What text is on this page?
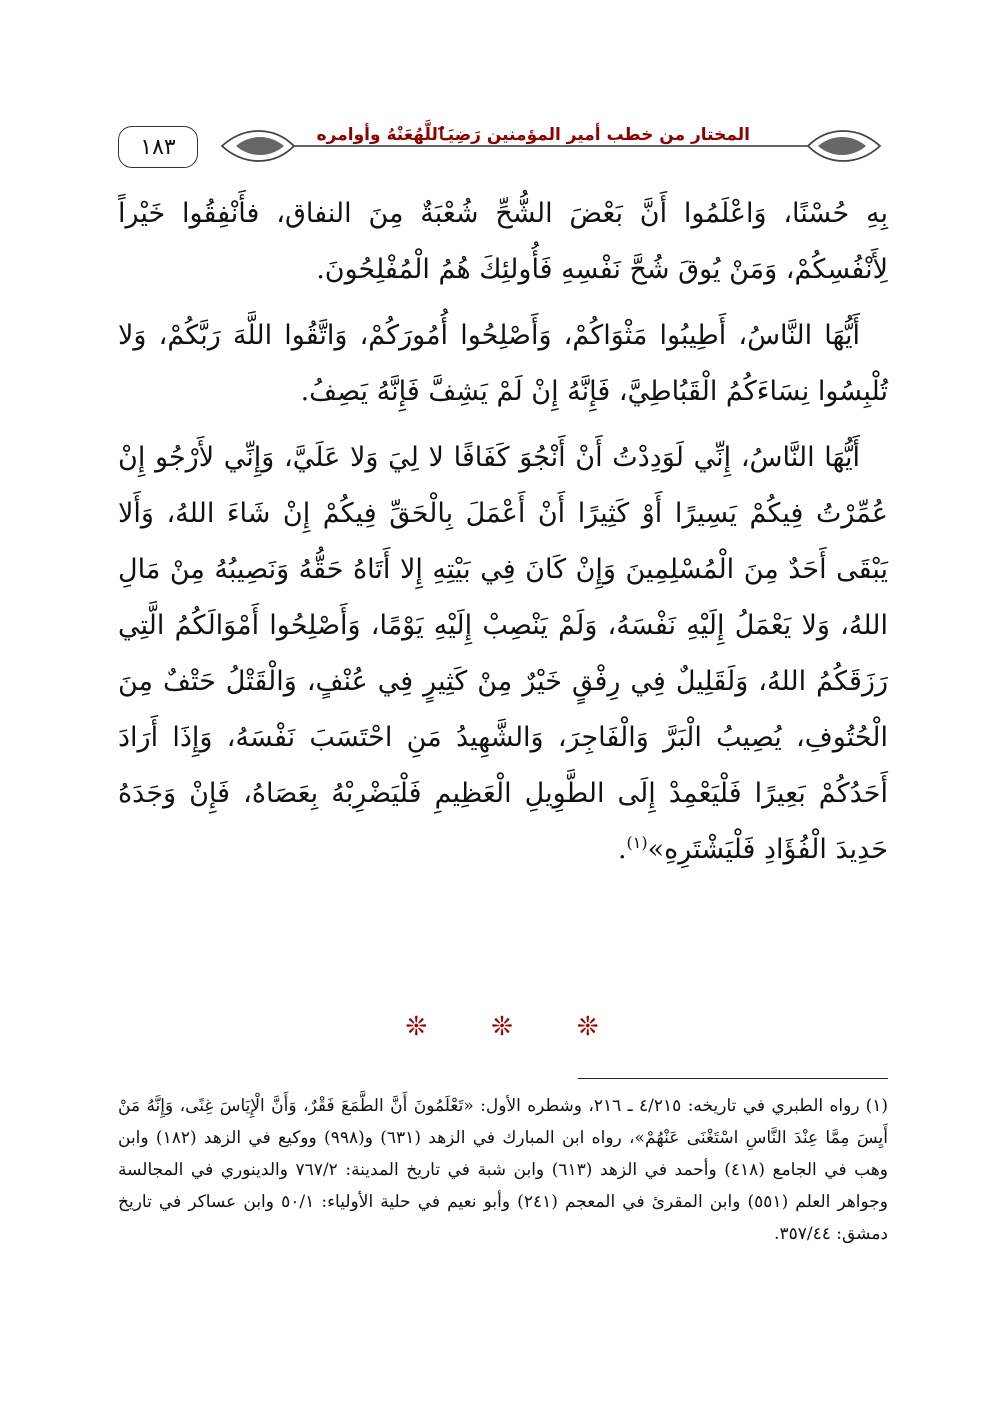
١٨٣	المختار من خطب أمير المؤمنين رَضِيَٱللَّهُعَنْهُ وأوامره

بِهِ حُسْنًا، وَاعْلَمُوا أَنَّ بَعْضَ الشُّحِّ شُعْبَةٌ مِنَ النفاق، فأَنْفِقُوا خَيْراً لِأَنْفُسِكُمْ، وَمَنْ يُوقَ شُحَّ نَفْسِهِ فَأُولئِكَ هُمُ الْمُفْلِحُونَ.

أَيُّهَا النَّاسُ، أَطِيبُوا مَثْوَاكُمْ، وَأَصْلِحُوا أُمُورَكُمْ، وَاتَّقُوا اللَّهَ رَبَّكُمْ، وَلا تُلْبِسُوا نِسَاءَكُمُ الْقَبُاطِيَّ، فَإِنَّهُ إِنْ لَمْ يَشِفَّ فَإِنَّهُ يَصِفُ.

أَيُّهَا النَّاسُ، إِنِّي لَوَدِدْتُ أَنْ أَنْجُوَ كَفَافًا لا لِيَ وَلا عَلَيَّ، وَإِنِّي لأَرْجُو إِنْ عُمِّرْتُ فِيكُمْ يَسِيرًا أَوْ كَثِيرًا أَنْ أَعْمَلَ بِالْحَقِّ فِيكُمْ إِنْ شَاءَ اللهُ، وَأَلا يَبْقَى أَحَدٌ مِنَ الْمُسْلِمِينَ وَإِنْ كَانَ فِي بَيْتِهِ إِلا أَتَاهُ حَقُّهُ وَنَصِيبُهُ مِنْ مَالِ اللهُ، وَلا يَعْمَلُ إِلَيْهِ نَفْسَهُ، وَلَمْ يَنْصِبْ إِلَيْهِ يَوْمًا، وَأَصْلِحُوا أَمْوَالَكُمُ الَّتِي رَزَقَكُمُ اللهُ، وَلَقَلِيلٌ فِي رِفْقٍ خَيْرٌ مِنْ كَثِيرٍ فِي عُنْفٍ، وَالْقَتْلُ حَتْفٌ مِنَ الْحُتُوفِ، يُصِيبُ الْبَرَّ وَالْفَاجِرَ، وَالشَّهِيدُ مَنِ احْتَسَبَ نَفْسَهُ، وَإِذَا أَرَادَ أَحَدُكُمْ بَعِيرًا فَلْيَعْمِدْ إِلَى الطَّوِيلِ الْعَظِيمِ فَلْيَضْرِبْهُ بِعَصَاهُ، فَإِنْ وَجَدَهُ حَدِيدَ الْفُؤَادِ فَلْيَشْتَرِهِ»$^{(١)}$.

❊
❊
❊

(١)رواه الطبري في تاريخه: ٤/٢١٥ ـ ٢١٦، وشطره الأول: «تَعْلَمُونَ أَنَّ الطَّمَعَ فَقْرٌ، وَأَنَّ الْإِيَاسَ غِنًى، وَإِنَّهُ مَنْ أَيِسَ مِمَّا عِنْدَ النَّاسِ اسْتَغْنَى عَنْهُمْ»، رواه ابن المبارك في الزهد (٦٣١) و(٩٩٨) ووكيع في الزهد (١٨٢) وابن وهب في الجامع (٤١٨) وأحمد في الزهد (٦١٣) وابن شبة في تاريخ المدينة: ٧٦٧/٢ والدينوري في المجالسة وجواهر العلم (٥٥١) وابن المقرئ في المعجم (٢٤١) وأبو نعيم في حلية الأولياء: ٥٠/١ وابن عساكر في تاريخ دمشق: ٣٥٧/٤٤.
